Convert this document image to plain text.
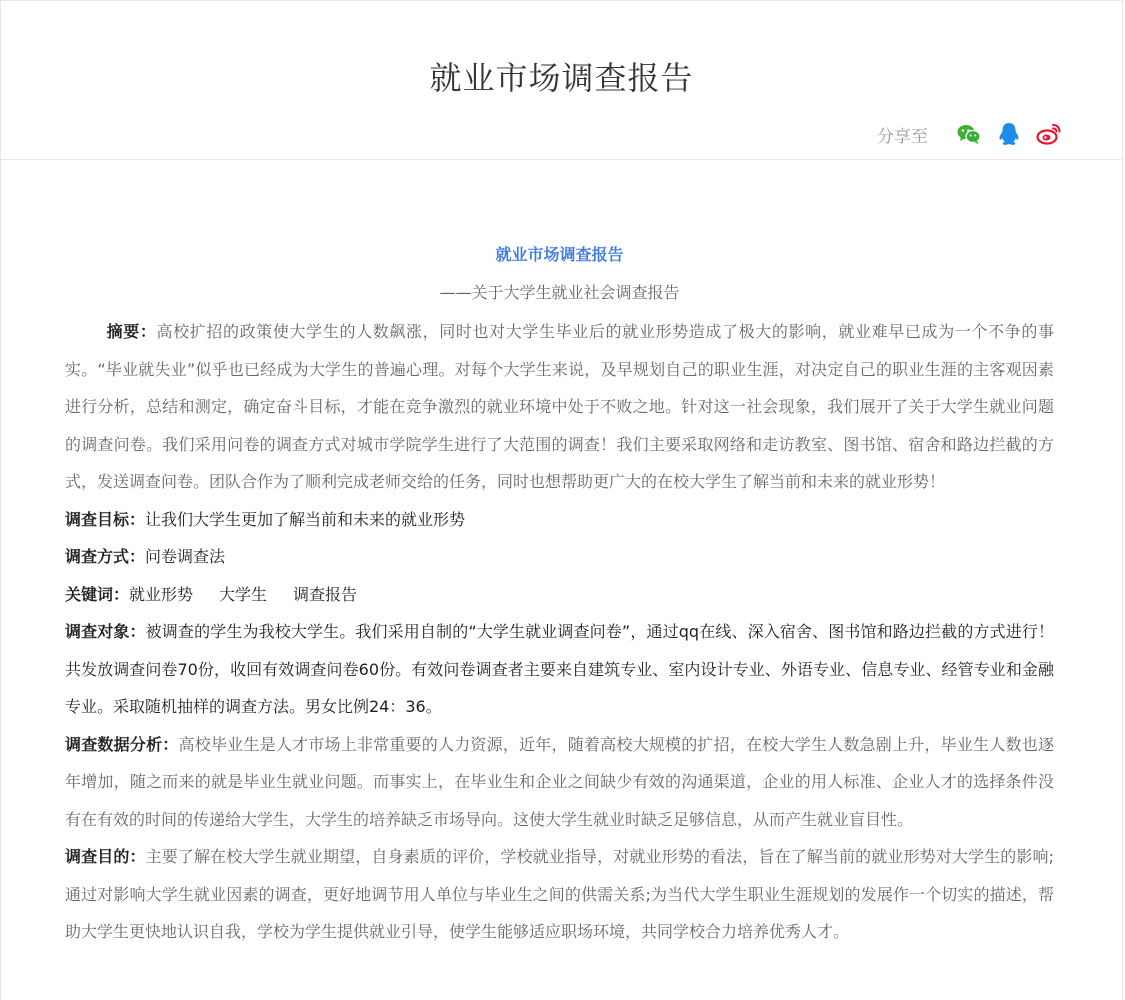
就业市场调查报告
分享至
就业市场调查报告
——关于大学生就业社会调查报告

摘要：高校扩招的政策使大学生的人数飙涨，同时也对大学生毕业后的就业形势造成了极大的影响，就业难早已成为一个不争的事实。“毕业就失业”似乎也已经成为大学生的普遍心理。对每个大学生来说，及早规划自己的职业生涯，对决定自己的职业生涯的主客观因素进行分析，总结和测定，确定奋斗目标，才能在竞争激烈的就业环境中处于不败之地。针对这一社会现象，我们展开了关于大学生就业问题的调查问卷。我们采用问卷的调查方式对城市学院学生进行了大范围的调查！我们主要采取网络和走访教室、图书馆、宿舍和路边拦截的方式，发送调查问卷。团队合作为了顺利完成老师交给的任务，同时也想帮助更广大的在校大学生了解当前和未来的就业形势！

调查目标：让我们大学生更加了解当前和未来的就业形势

调查方式：问卷调查法

关键词：就业形势 大学生 调查报告

调查对象：被调查的学生为我校大学生。我们采用自制的“大学生就业调查问卷”，通过qq在线、深入宿舍、图书馆和路边拦截的方式进行！共发放调查问卷70份，收回有效调查问卷60份。有效问卷调查者主要来自建筑专业、室内设计专业、外语专业、信息专业、经管专业和金融专业。采取随机抽样的调查方法。男女比例24：36。

调查数据分析：高校毕业生是人才市场上非常重要的人力资源，近年，随着高校大规模的扩招，在校大学生人数急剧上升，毕业生人数也逐年增加，随之而来的就是毕业生就业问题。而事实上，在毕业生和企业之间缺少有效的沟通渠道，企业的用人标准、企业人才的选择条件没有在有效的时间的传递给大学生，大学生的培养缺乏市场导向。这使大学生就业时缺乏足够信息，从而产生就业盲目性。

调查目的：主要了解在校大学生就业期望，自身素质的评价，学校就业指导，对就业形势的看法，旨在了解当前的就业形势对大学生的影响;通过对影响大学生就业因素的调查，更好地调节用人单位与毕业生之间的供需关系;为当代大学生职业生涯规划的发展作一个切实的描述，帮助大学生更快地认识自我，学校为学生提供就业引导，使学生能够适应职场环境，共同学校合力培养优秀人才。
